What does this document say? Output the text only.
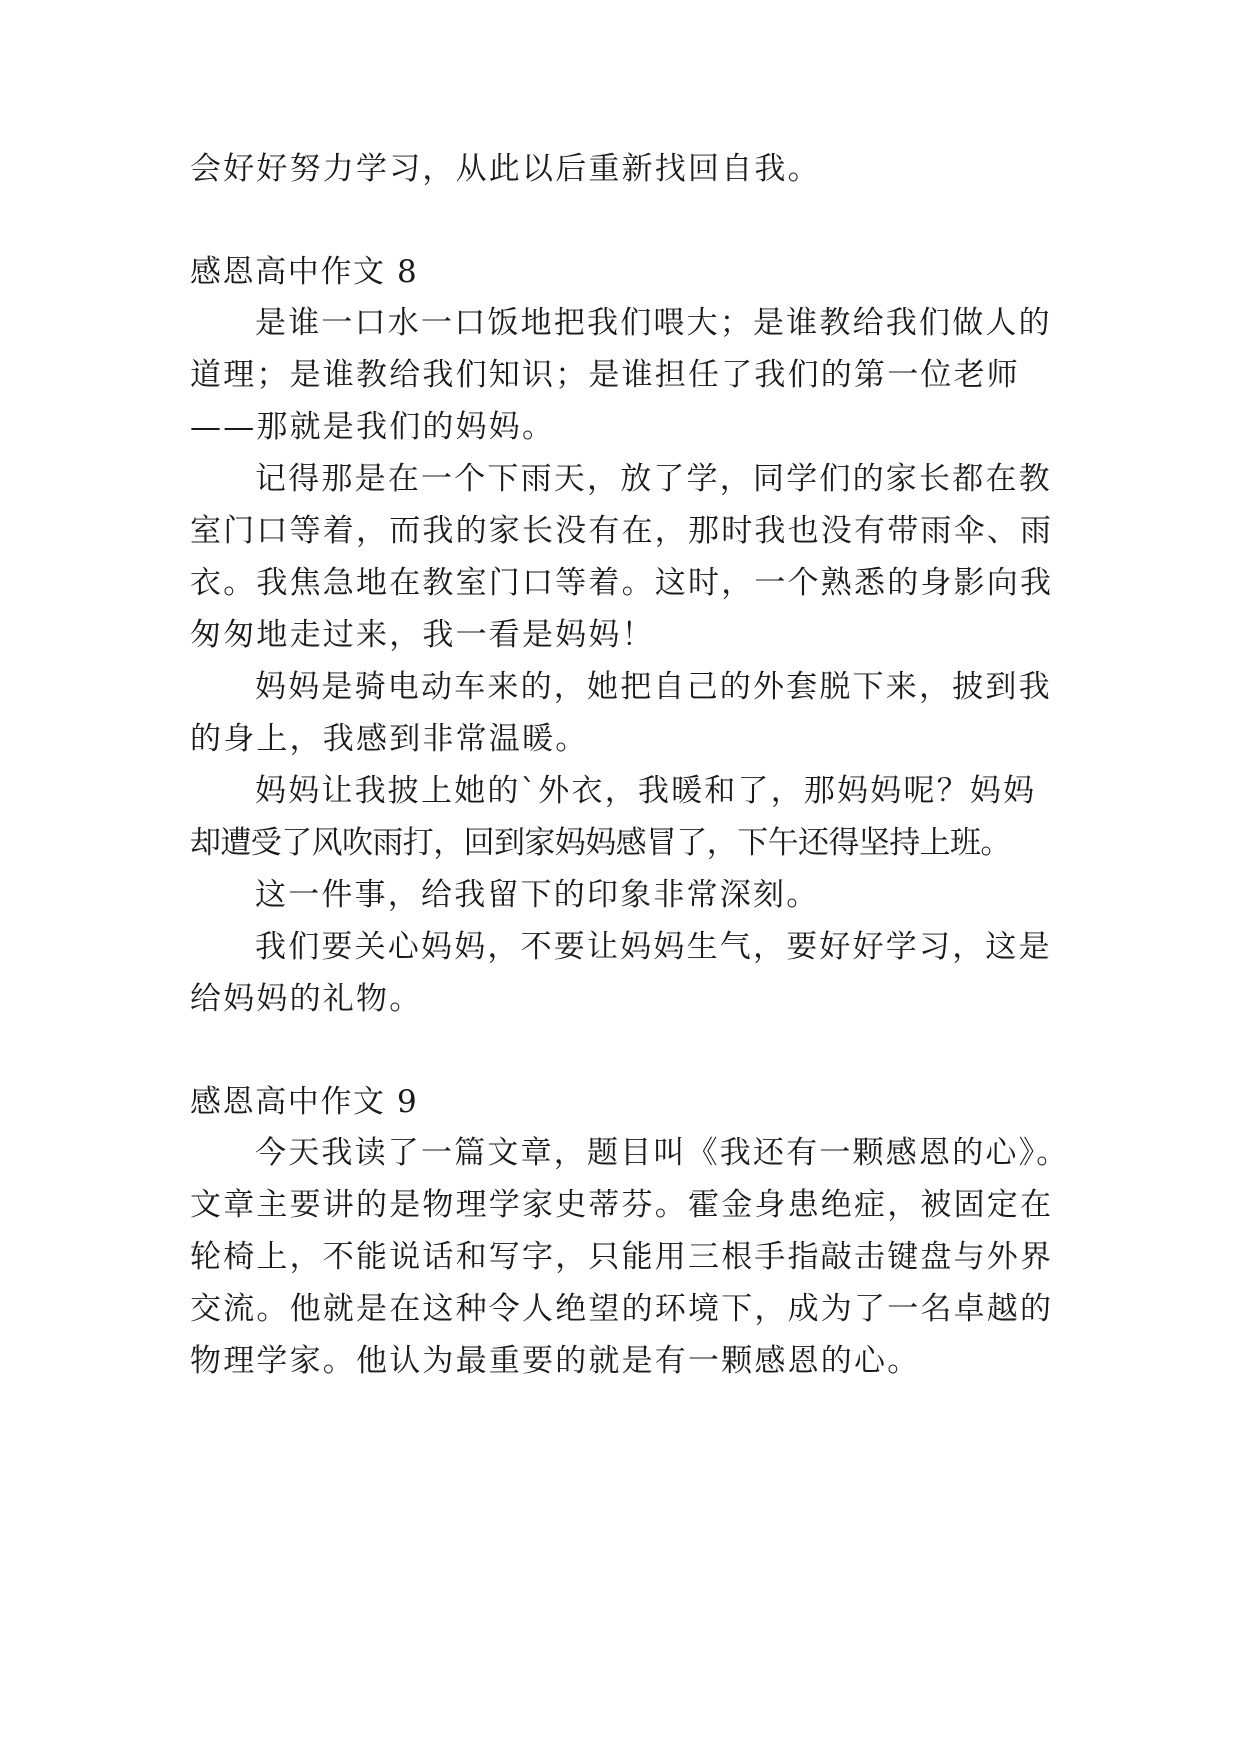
会好好努力学习，从此以后重新找回自我。
感恩高中作文 8
是谁一口水一口饭地把我们喂大；是谁教给我们做人的
道理；是谁教给我们知识；是谁担任了我们的第一位老师
——那就是我们的妈妈。
记得那是在一个下雨天，放了学，同学们的家长都在教
室门口等着，而我的家长没有在，那时我也没有带雨伞、雨
衣。我焦急地在教室门口等着。这时，一个熟悉的身影向我
匆匆地走过来，我一看是妈妈！
妈妈是骑电动车来的，她把自己的外套脱下来，披到我
的身上，我感到非常温暖。
妈妈让我披上她的`外衣，我暖和了，那妈妈呢？妈妈
却遭受了风吹雨打，回到家妈妈感冒了，下午还得坚持上班。
这一件事，给我留下的印象非常深刻。
我们要关心妈妈，不要让妈妈生气，要好好学习，这是
给妈妈的礼物。
感恩高中作文 9
今天我读了一篇文章，题目叫《我还有一颗感恩的心》。
文章主要讲的是物理学家史蒂芬。霍金身患绝症，被固定在
轮椅上，不能说话和写字，只能用三根手指敲击键盘与外界
交流。他就是在这种令人绝望的环境下，成为了一名卓越的
物理学家。他认为最重要的就是有一颗感恩的心。
